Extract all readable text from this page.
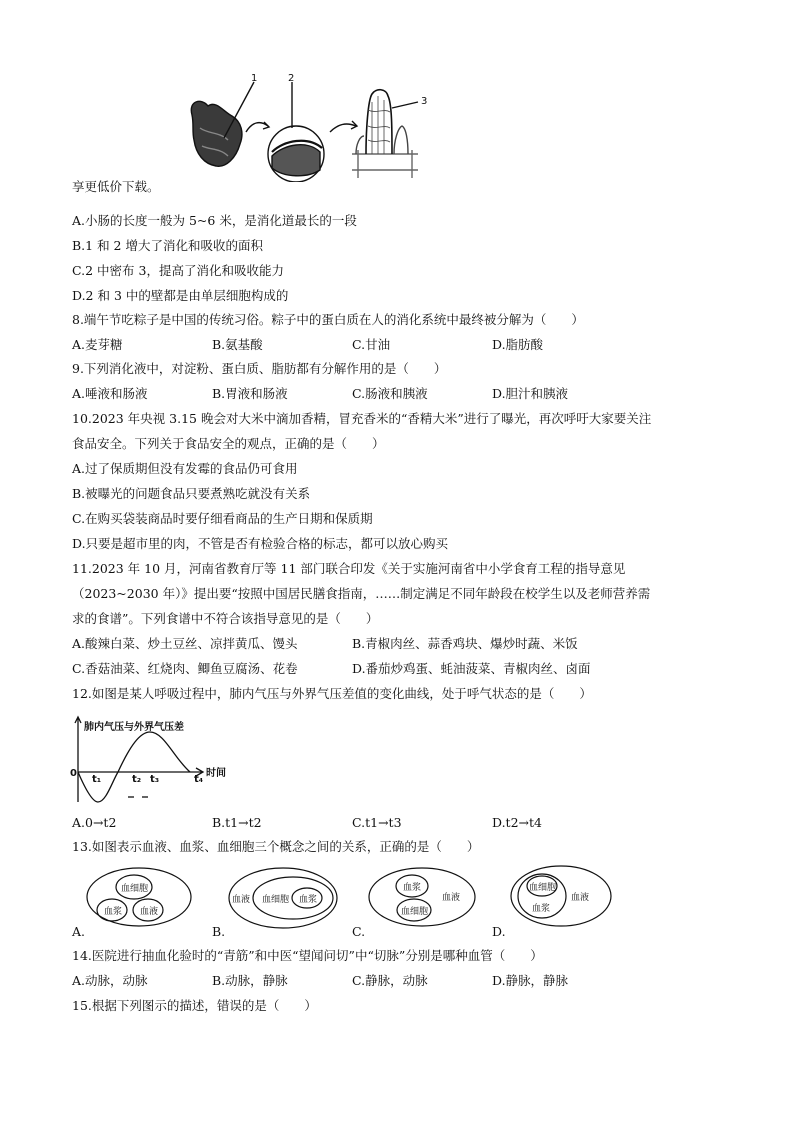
1	2
3
享更低价下载。
A.小肠的长度一般为 5~6 米，是消化道最长的一段
B.1 和 2 增大了消化和吸收的面积
C.2 中密布 3，提高了消化和吸收能力
D.2 和 3 中的壁都是由单层细胞构成的
8.端午节吃粽子是中国的传统习俗。粽子中的蛋白质在人的消化系统中最终被分解为（　　）
A.麦芽糖	B.氨基酸	C.甘油	D.脂肪酸
9.下列消化液中，对淀粉、蛋白质、脂肪都有分解作用的是（　　）
A.唾液和肠液	B.胃液和肠液	C.肠液和胰液	D.胆汁和胰液
10.2023 年央视 3.15 晚会对大米中滴加香精，冒充香米的“香精大米”进行了曝光，再次呼吁大家要关注
食品安全。下列关于食品安全的观点，正确的是（　　）
A.过了保质期但没有发霉的食品仍可食用
B.被曝光的问题食品只要煮熟吃就没有关系
C.在购买袋装商品时要仔细看商品的生产日期和保质期
D.只要是超市里的肉，不管是否有检验合格的标志，都可以放心购买
11.2023 年 10 月，河南省教育厅等 11 部门联合印发《关于实施河南省中小学食育工程的指导意见
（2023~2030 年）》提出要“按照中国居民膳食指南，……制定满足不同年龄段在校学生以及老师营养需
求的食谱”。下列食谱中不符合该指导意见的是（　　）
A.酸辣白菜、炒土豆丝、凉拌黄瓜、馒头	B.青椒肉丝、蒜香鸡块、爆炒时蔬、米饭
C.香菇油菜、红烧肉、鲫鱼豆腐汤、花卷	D.番茄炒鸡蛋、蚝油菠菜、青椒肉丝、卤面
12.如图是某人呼吸过程中，肺内气压与外界气压差值的变化曲线，处于呼气状态的是（　　）
肺内气压与外界气压差
0
t₁	t₂ t₃	t₄
时间
A.0→t2	B.t1→t2	C.t1→t3	D.t2→t4
13.如图表示血液、血浆、血细胞三个概念之间的关系，正确的是（　　）
血细胞
血浆 血液
A.
血液 血细胞 血浆
B.
血浆
血液
血细胞
C.
血细胞
血浆
血液
D.
14.医院进行抽血化验时的“青筋”和中医“望闻问切”中“切脉”分别是哪种血管（　　）
A.动脉，动脉	B.动脉，静脉	C.静脉，动脉	D.静脉，静脉
15.根据下列图示的描述，错误的是（　　）
